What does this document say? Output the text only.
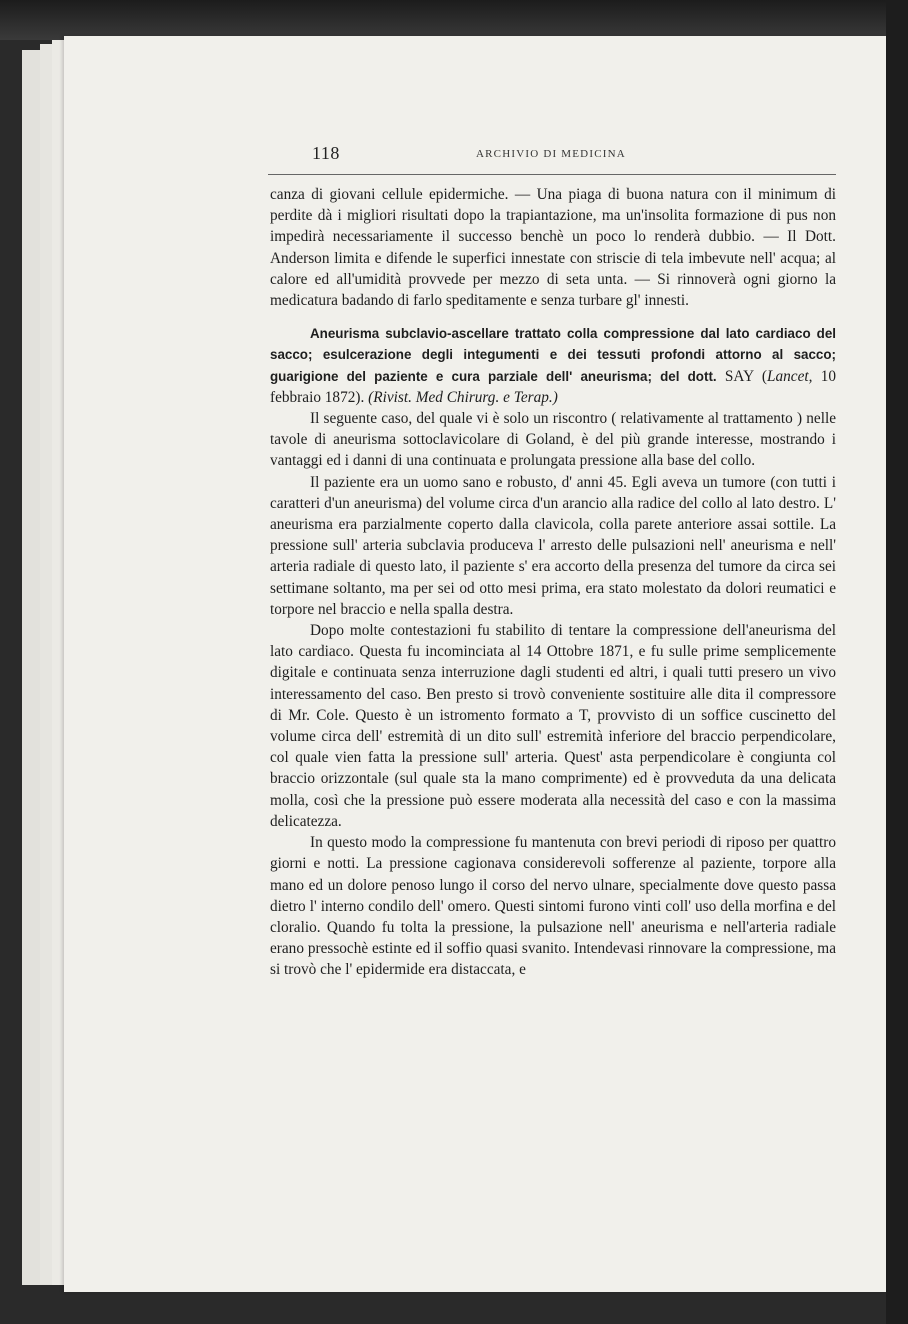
118	ARCHIVIO DI MEDICINA

canza di giovani cellule epidermiche. — Una piaga di buona natura con il minimum di perdite dà i migliori risultati dopo la trapiantazione, ma un'insolita formazione di pus non impedirà necessariamente il successo benchè un poco lo renderà dubbio. — Il Dott. Anderson limita e difende le superfici innestate con striscie di tela imbevute nell' acqua; al calore ed all'umidità provvede per mezzo di seta unta. — Si rinnoverà ogni giorno la medicatura badando di farlo speditamente e senza turbare gl' innesti.

Aneurisma subclavio-ascellare trattato colla compressione dal lato cardiaco del sacco; esulcerazione degli integumenti e dei tessuti profondi attorno al sacco; guarigione del paziente e cura parziale dell' aneurisma; del dott. SAY (Lancet, 10 febbraio 1872). (Rivist. Med Chirurg. e Terap.)

Il seguente caso, del quale vi è solo un riscontro ( relativamente al trattamento ) nelle tavole di aneurisma sottoclavicolare di Goland, è del più grande interesse, mostrando i vantaggi ed i danni di una continuata e prolungata pressione alla base del collo.

Il paziente era un uomo sano e robusto, d' anni 45. Egli aveva un tumore (con tutti i caratteri d'un aneurisma) del volume circa d'un arancio alla radice del collo al lato destro. L' aneurisma era parzialmente coperto dalla clavicola, colla parete anteriore assai sottile. La pressione sull' arteria subclavia produceva l' arresto delle pulsazioni nell' aneurisma e nell' arteria radiale di questo lato, il paziente s' era accorto della presenza del tumore da circa sei settimane soltanto, ma per sei od otto mesi prima, era stato molestato da dolori reumatici e torpore nel braccio e nella spalla destra.

Dopo molte contestazioni fu stabilito di tentare la compressione dell'aneurisma del lato cardiaco. Questa fu incominciata al 14 Ottobre 1871, e fu sulle prime semplicemente digitale e continuata senza interruzione dagli studenti ed altri, i quali tutti presero un vivo interessamento del caso. Ben presto si trovò conveniente sostituire alle dita il compressore di Mr. Cole. Questo è un istromento formato a T, provvisto di un soffice cuscinetto del volume circa dell' estremità di un dito sull' estremità inferiore del braccio perpendicolare, col quale vien fatta la pressione sull' arteria. Quest' asta perpendicolare è congiunta col braccio orizzontale (sul quale sta la mano comprimente) ed è provveduta da una delicata molla, così che la pressione può essere moderata alla necessità del caso e con la massima delicatezza.

In questo modo la compressione fu mantenuta con brevi periodi di riposo per quattro giorni e notti. La pressione cagionava considerevoli sofferenze al paziente, torpore alla mano ed un dolore penoso lungo il corso del nervo ulnare, specialmente dove questo passa dietro l' interno condilo dell' omero. Questi sintomi furono vinti coll' uso della morfina e del cloralio. Quando fu tolta la pressione, la pulsazione nell' aneurisma e nell'arteria radiale erano pressochè estinte ed il soffio quasi svanito. Intendevasi rinnovare la compressione, ma si trovò che l' epidermide era distaccata, e
